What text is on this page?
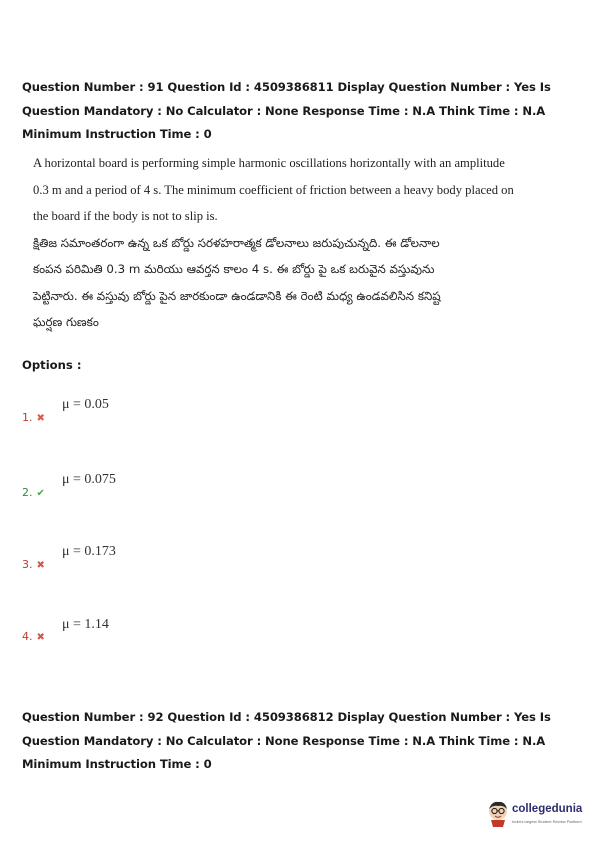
Question Number : 91 Question Id : 4509386811 Display Question Number : Yes Is Question Mandatory : No Calculator : None Response Time : N.A Think Time : N.A Minimum Instruction Time : 0
A horizontal board is performing simple harmonic oscillations horizontally with an amplitude
0.3 m and a period of 4 s. The minimum coefficient of friction between a heavy body placed on
the board if the body is not to slip is.
క్షితిజ సమాంతరంగా ఉన్న ఒక బోర్డు సరళహరాత్మక డోలనాలు జరుపుచున్నది. ఈ డోలనాల
కంపన పరిమితి 0.3 m మరియు ఆవర్తన కాలం 4 s. ఈ బోర్డు పై ఒక బరువైన వస్తువును
పెట్టినారు. ఈ వస్తువు బోర్డు పైన జారకుండా ఉండడానికి ఈ రెంటి మధ్య ఉండవలిసిన కనిష్ట
ఘర్షణ గుణకం
Options :
μ = 0.05
1. ✖
μ = 0.075
2. ✔
μ = 0.173
3. ✖
μ = 1.14
4. ✖
Question Number : 92 Question Id : 4509386812 Display Question Number : Yes Is Question Mandatory : No Calculator : None Response Time : N.A Think Time : N.A Minimum Instruction Time : 0
collegedunia
India's largest Student Review Platform
